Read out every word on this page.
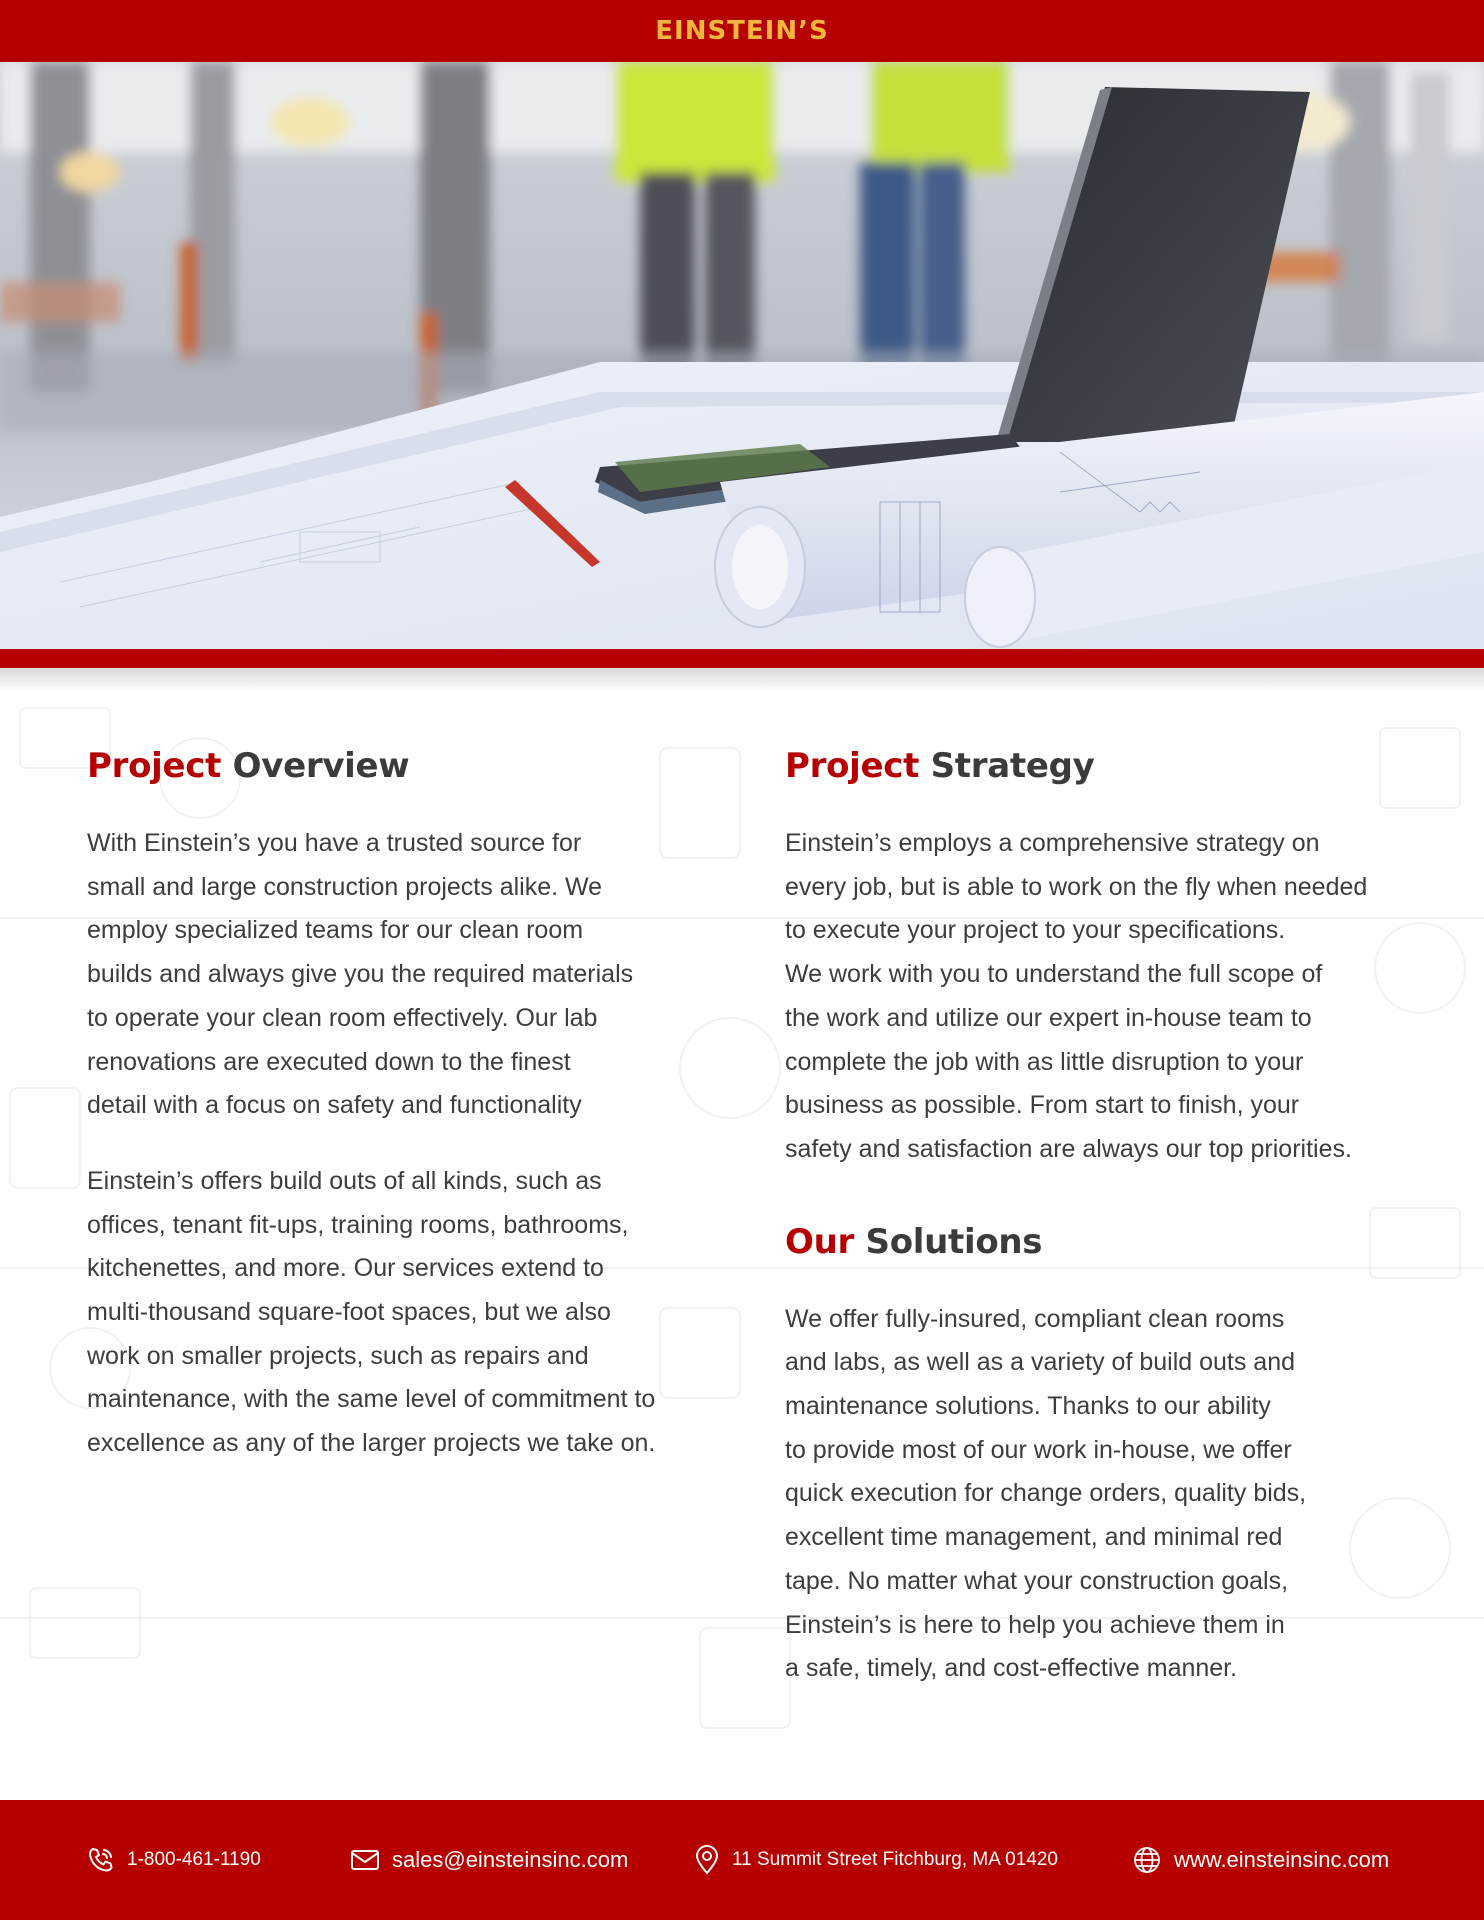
EINSTEIN’S
Project Overview

With Einstein’s you have a trusted source for
small and large construction projects alike. We
employ specialized teams for our clean room
builds and always give you the required materials
to operate your clean room effectively. Our lab
renovations are executed down to the finest
detail with a focus on safety and functionality

Einstein’s offers build outs of all kinds, such as
offices, tenant fit-ups, training rooms, bathrooms,
kitchenettes, and more. Our services extend to
multi-thousand square-foot spaces, but we also
work on smaller projects, such as repairs and
maintenance, with the same level of commitment to
excellence as any of the larger projects we take on.

Project Strategy

Einstein’s employs a comprehensive strategy on
every job, but is able to work on the fly when needed
to execute your project to your specifications.
We work with you to understand the full scope of
the work and utilize our expert in-house team to
complete the job with as little disruption to your
business as possible. From start to finish, your
safety and satisfaction are always our top priorities.

Our Solutions

We offer fully-insured, compliant clean rooms
and labs, as well as a variety of build outs and
maintenance solutions. Thanks to our ability
to provide most of our work in-house, we offer
quick execution for change orders, quality bids,
excellent time management, and minimal red
tape. No matter what your construction goals,
Einstein’s is here to help you achieve them in
a safe, timely, and cost-effective manner.

1-800-461-1190	sales@einsteinsinc.com	11 Summit Street Fitchburg, MA 01420	www.einsteinsinc.com
